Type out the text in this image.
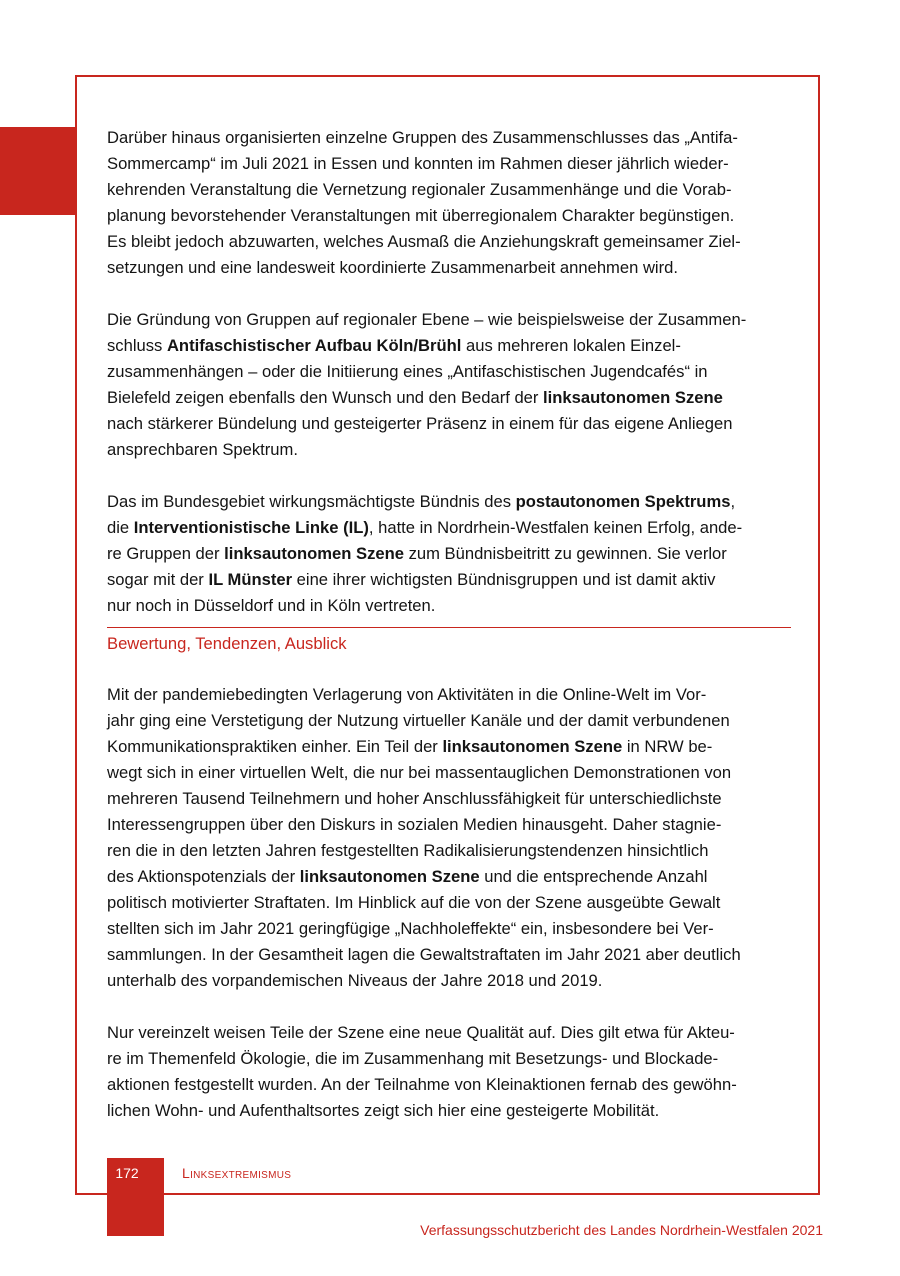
Darüber hinaus organisierten einzelne Gruppen des Zusammenschlusses das „Antifa-
Sommercamp“ im Juli 2021 in Essen und konnten im Rahmen dieser jährlich wieder-
kehrenden Veranstaltung die Vernetzung regionaler Zusammenhänge und die Vorab-
planung bevorstehender Veranstaltungen mit überregionalem Charakter begünstigen.
Es bleibt jedoch abzuwarten, welches Ausmaß die Anziehungskraft gemeinsamer Ziel-
setzungen und eine landesweit koordinierte Zusammenarbeit annehmen wird.

Die Gründung von Gruppen auf regionaler Ebene – wie beispielsweise der Zusammen-
schluss Antifaschistischer Aufbau Köln/Brühl aus mehreren lokalen Einzel-
zusammenhängen – oder die Initiierung eines „Antifaschistischen Jugendcafés“ in
Bielefeld zeigen ebenfalls den Wunsch und den Bedarf der linksautonomen Szene
nach stärkerer Bündelung und gesteigerter Präsenz in einem für das eigene Anliegen
ansprechbaren Spektrum.

Das im Bundesgebiet wirkungsmächtigste Bündnis des postautonomen Spektrums,
die Interventionistische Linke (IL), hatte in Nordrhein-Westfalen keinen Erfolg, ande-
re Gruppen der linksautonomen Szene zum Bündnisbeitritt zu gewinnen. Sie verlor
sogar mit der IL Münster eine ihrer wichtigsten Bündnisgruppen und ist damit aktiv
nur noch in Düsseldorf und in Köln vertreten.

Bewertung, Tendenzen, Ausblick

Mit der pandemiebedingten Verlagerung von Aktivitäten in die Online-Welt im Vor-
jahr ging eine Verstetigung der Nutzung virtueller Kanäle und der damit verbundenen
Kommunikationspraktiken einher. Ein Teil der linksautonomen Szene in NRW be-
wegt sich in einer virtuellen Welt, die nur bei massentauglichen Demonstrationen von
mehreren Tausend Teilnehmern und hoher Anschlussfähigkeit für unterschiedlichste
Interessengruppen über den Diskurs in sozialen Medien hinausgeht. Daher stagnie-
ren die in den letzten Jahren festgestellten Radikalisierungstendenzen hinsichtlich
des Aktionspotenzials der linksautonomen Szene und die entsprechende Anzahl
politisch motivierter Straftaten. Im Hinblick auf die von der Szene ausgeübte Gewalt
stellten sich im Jahr 2021 geringfügige „Nachholeffekte“ ein, insbesondere bei Ver-
sammlungen. In der Gesamtheit lagen die Gewaltstraftaten im Jahr 2021 aber deutlich
unterhalb des vorpandemischen Niveaus der Jahre 2018 und 2019.

Nur vereinzelt weisen Teile der Szene eine neue Qualität auf. Dies gilt etwa für Akteu-
re im Themenfeld Ökologie, die im Zusammenhang mit Besetzungs- und Blockade-
aktionen festgestellt wurden. An der Teilnahme von Kleinaktionen fernab des gewöhn-
lichen Wohn- und Aufenthaltsortes zeigt sich hier eine gesteigerte Mobilität.

172	Linksextremismus
Verfassungsschutzbericht des Landes Nordrhein-Westfalen 2021
